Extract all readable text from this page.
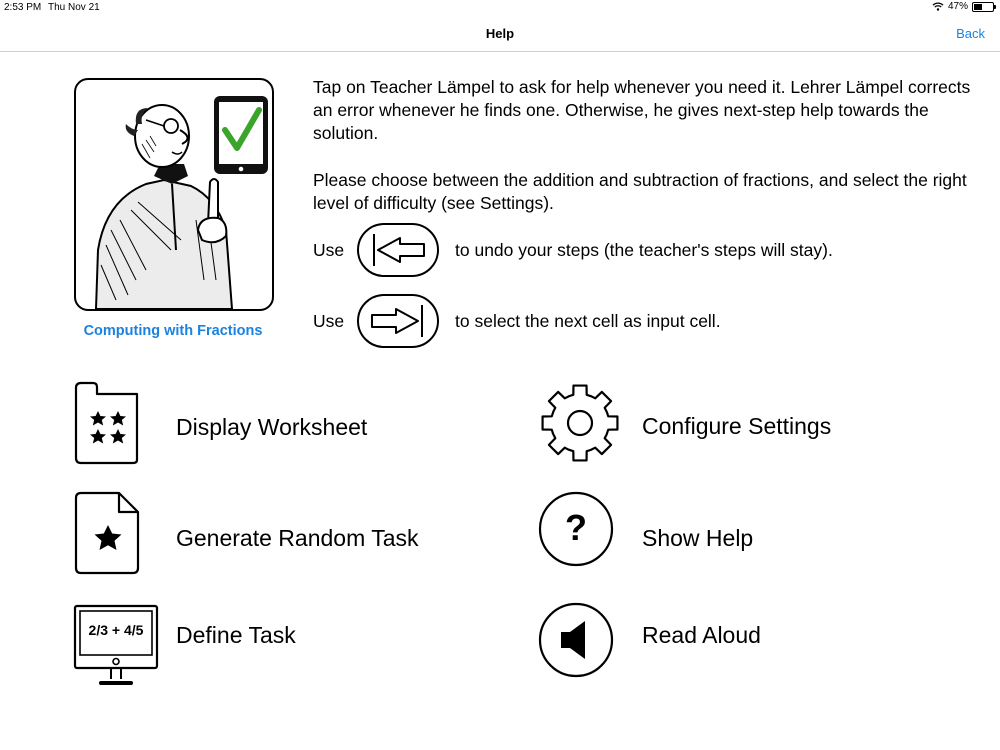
2:53 PM Thu Nov 21	47%
Help	Back
Computing with Fractions

Tap on Teacher Lämpel to ask for help whenever you need it. Lehrer Lämpel corrects an error whenever he finds one. Otherwise, he gives next-step help towards the solution.

Please choose between the addition and subtraction of fractions, and select the right level of difficulty (see Settings).

Use	to undo your steps (the teacher's steps will stay).
Use	to select the next cell as input cell.
Display Worksheet	Configure Settings
Generate Random Task	? Show Help
2/3 + 4/5	Define Task	Read Aloud
